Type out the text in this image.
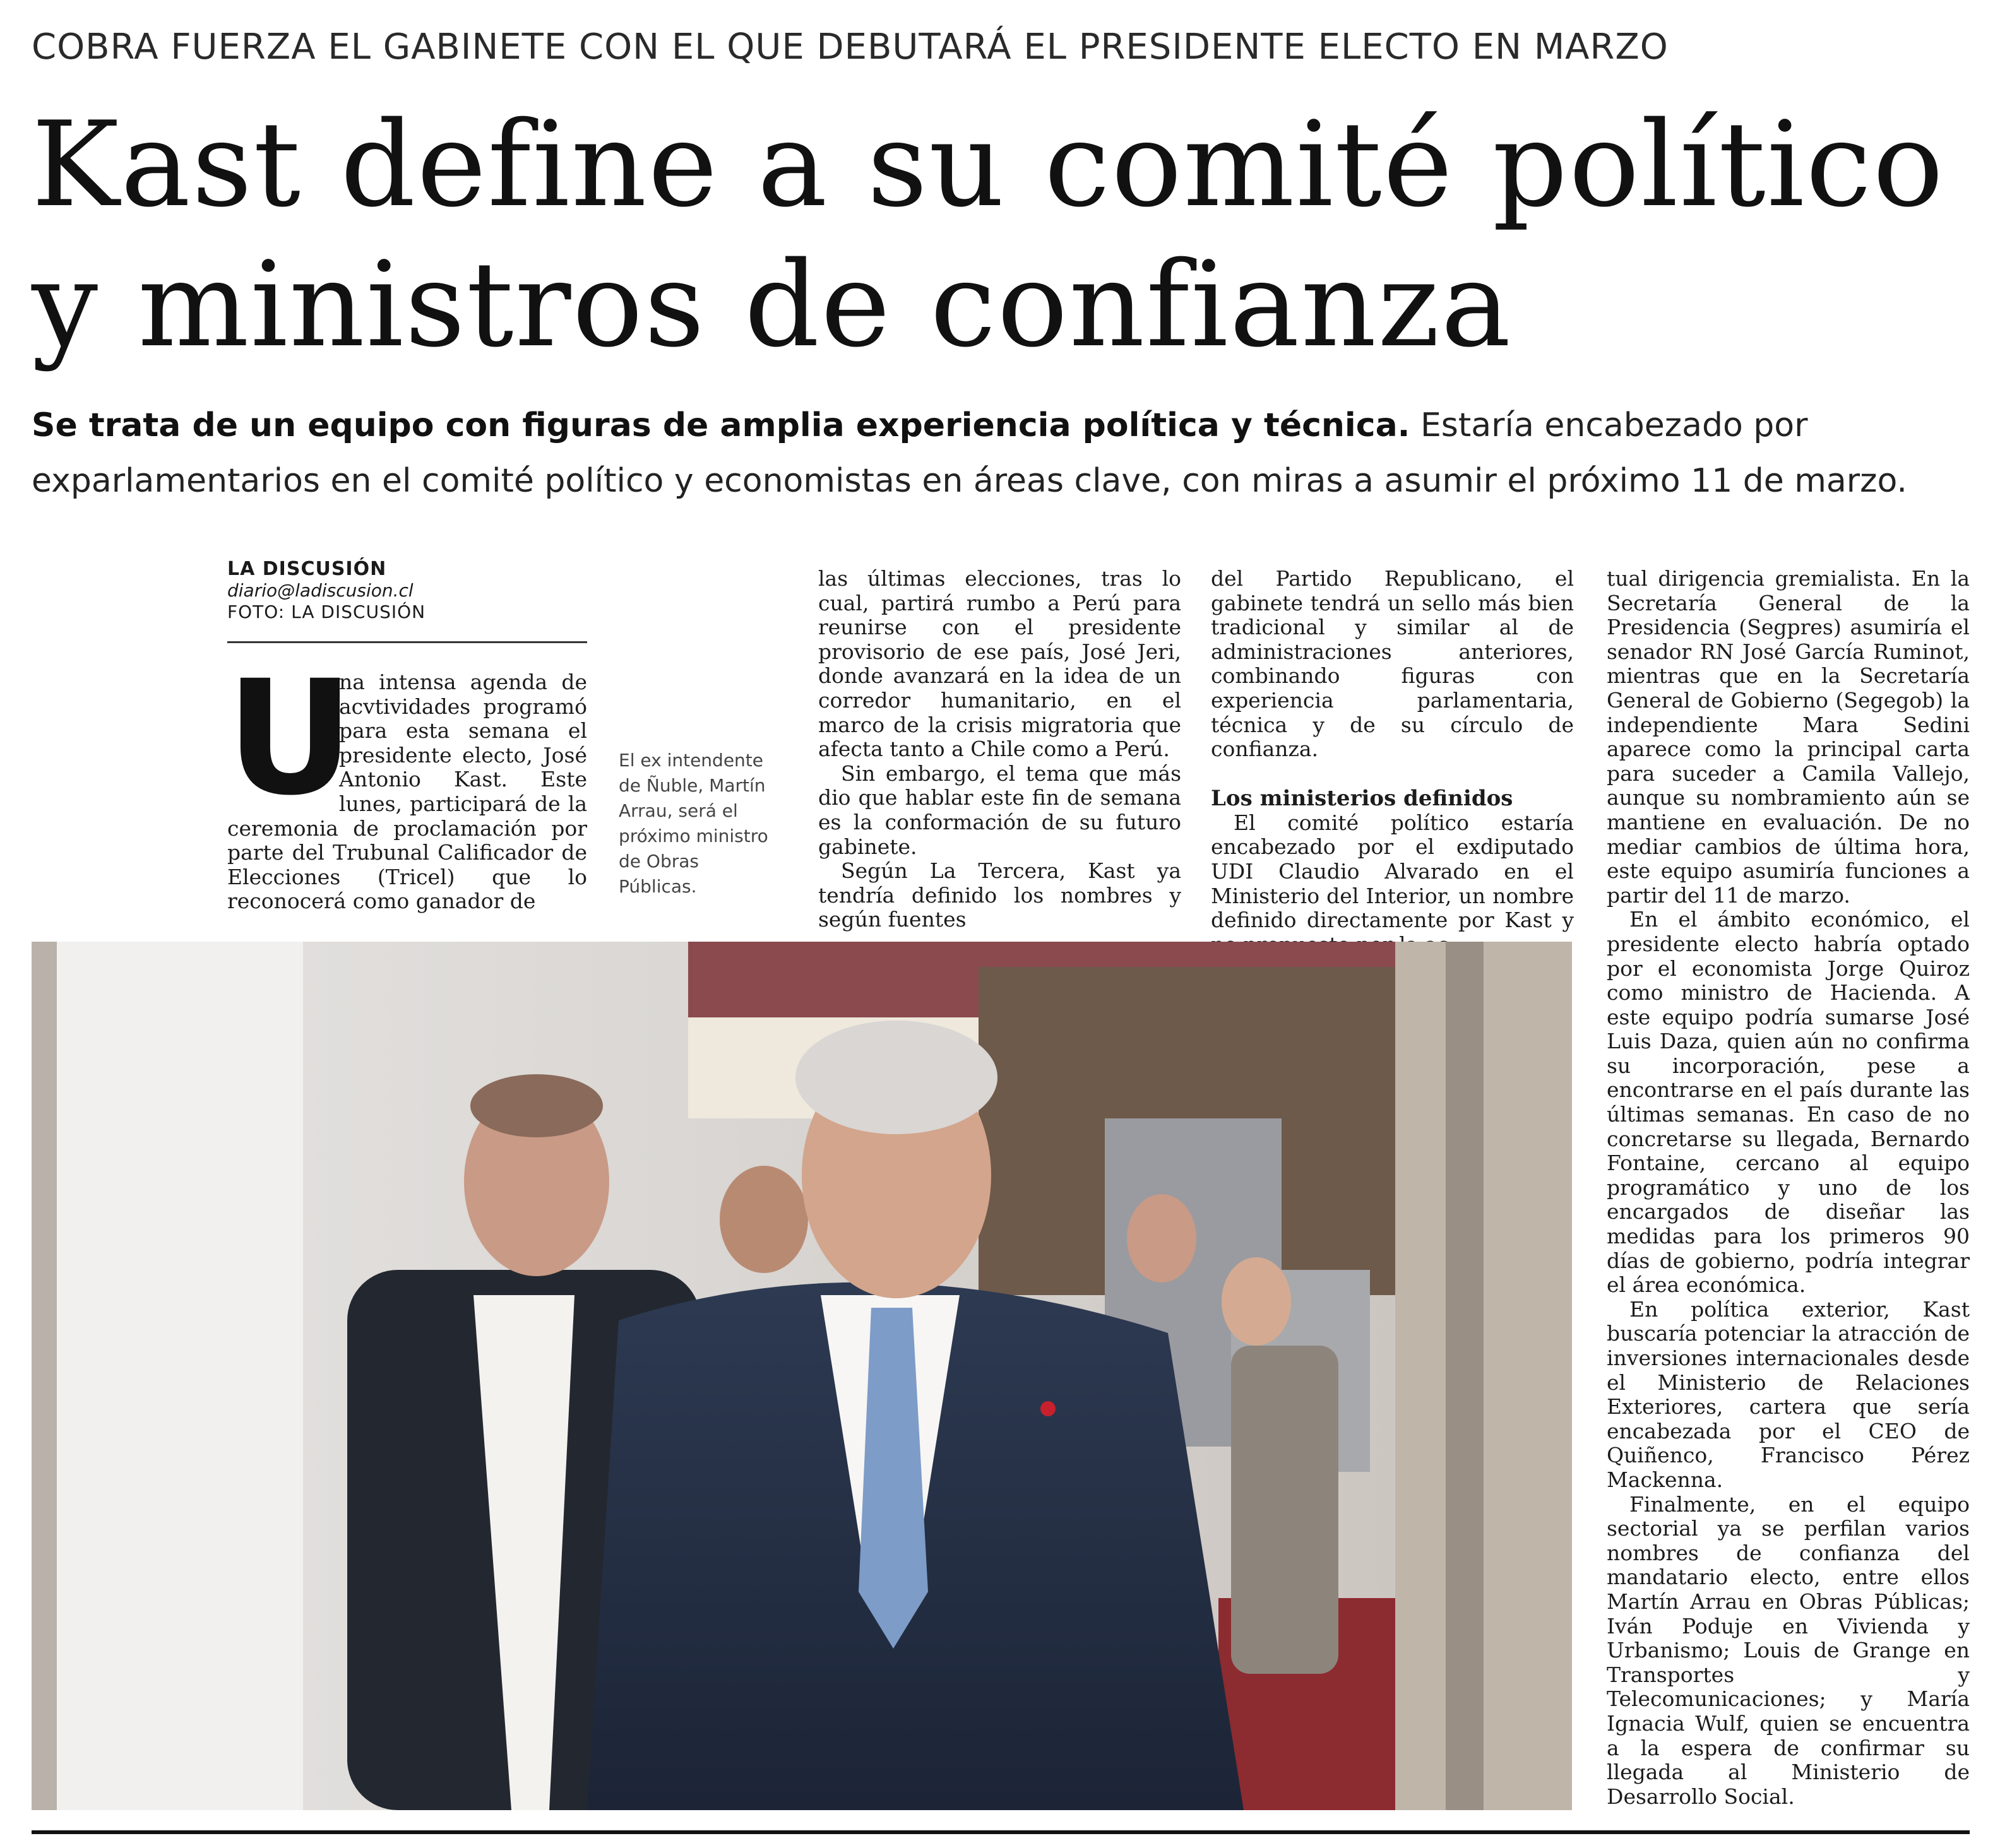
COBRA FUERZA EL GABINETE CON EL QUE DEBUTARÁ EL PRESIDENTE ELECTO EN MARZO
Kast define a su comité político
y ministros de confianza
Se trata de un equipo con figuras de amplia experiencia política y técnica. Estaría encabezado por exparlamentarios en el comité político y economistas en áreas clave, con miras a asumir el próximo 11 de marzo.
LA DISCUSIÓN
diario@ladiscusion.cl
FOTO: LA DISCUSIÓN
U

na intensa agenda de acvtividades programó para esta semana el presidente electo, José Antonio Kast. Este lunes, participará de la ceremonia de proclamación por parte del Trubunal Calificador de Elecciones (Tricel) que lo reconocerá como ganador de

El ex intendente de Ñuble, Martín Arrau, será el próximo ministro de Obras Públicas.

las últimas elecciones, tras lo cual, partirá rumbo a Perú para reunirse con el presidente provisorio de ese país, José Jeri, donde avanzará en la idea de un corredor humanitario, en el marco de la crisis migratoria que afecta tanto a Chile como a Perú.

Sin embargo, el tema que más dio que hablar este fin de semana es la conformación de su futuro gabinete.

Según La Tercera, Kast ya tendría definido los nombres y según fuentes

del Partido Republicano, el gabinete tendrá un sello más bien tradicional y similar al de administraciones anteriores, combinando figuras con experiencia parlamentaria, técnica y de su círculo de confianza.

Los ministerios definidos

El comité político estaría encabezado por el exdiputado UDI Claudio Alvarado en el Ministerio del Interior, un nombre definido directamente por Kast y

tual dirigencia gremialista. En la Secretaría General de la Presidencia (Segpres) asumiría el senador RN José García Ruminot, mientras que en la Secretaría General de Gobierno (Segegob) la independiente Mara Sedini aparece como la principal carta para suceder a Camila Vallejo, aunque su nombramiento aún se mantiene en evaluación. De no mediar cambios de última hora, este equipo asumiría funciones a partir del 11 de marzo.

En el ámbito económico, el presidente electo habría optado por el economista Jorge Quiroz como ministro de Hacienda. A este equipo podría sumarse José Luis Daza, quien aún no confirma su incorporación, pese a encontrarse en el país durante las últimas semanas. En caso de no concretarse su llegada, Bernardo Fontaine, cercano al equipo programático y uno de los encargados de diseñar las medidas para los primeros 90 días de gobierno, podría integrar el área económica.

En política exterior, Kast buscaría potenciar la atracción de inversiones internacionales desde el Ministerio de Relaciones Exteriores, cartera que sería encabezada por el CEO de Quiñenco, Francisco Pérez Mackenna.

Finalmente, en el equipo sectorial ya se perfilan varios nombres de confianza del mandatario electo, entre ellos Martín Arrau en Obras Públicas; Iván Poduje en Vivienda y Urbanismo; Louis de Grange en Transportes y Telecomunicaciones; y María Ignacia Wulf, quien se encuentra a la espera de confirmar su llegada al Ministerio de Desarrollo Social.
